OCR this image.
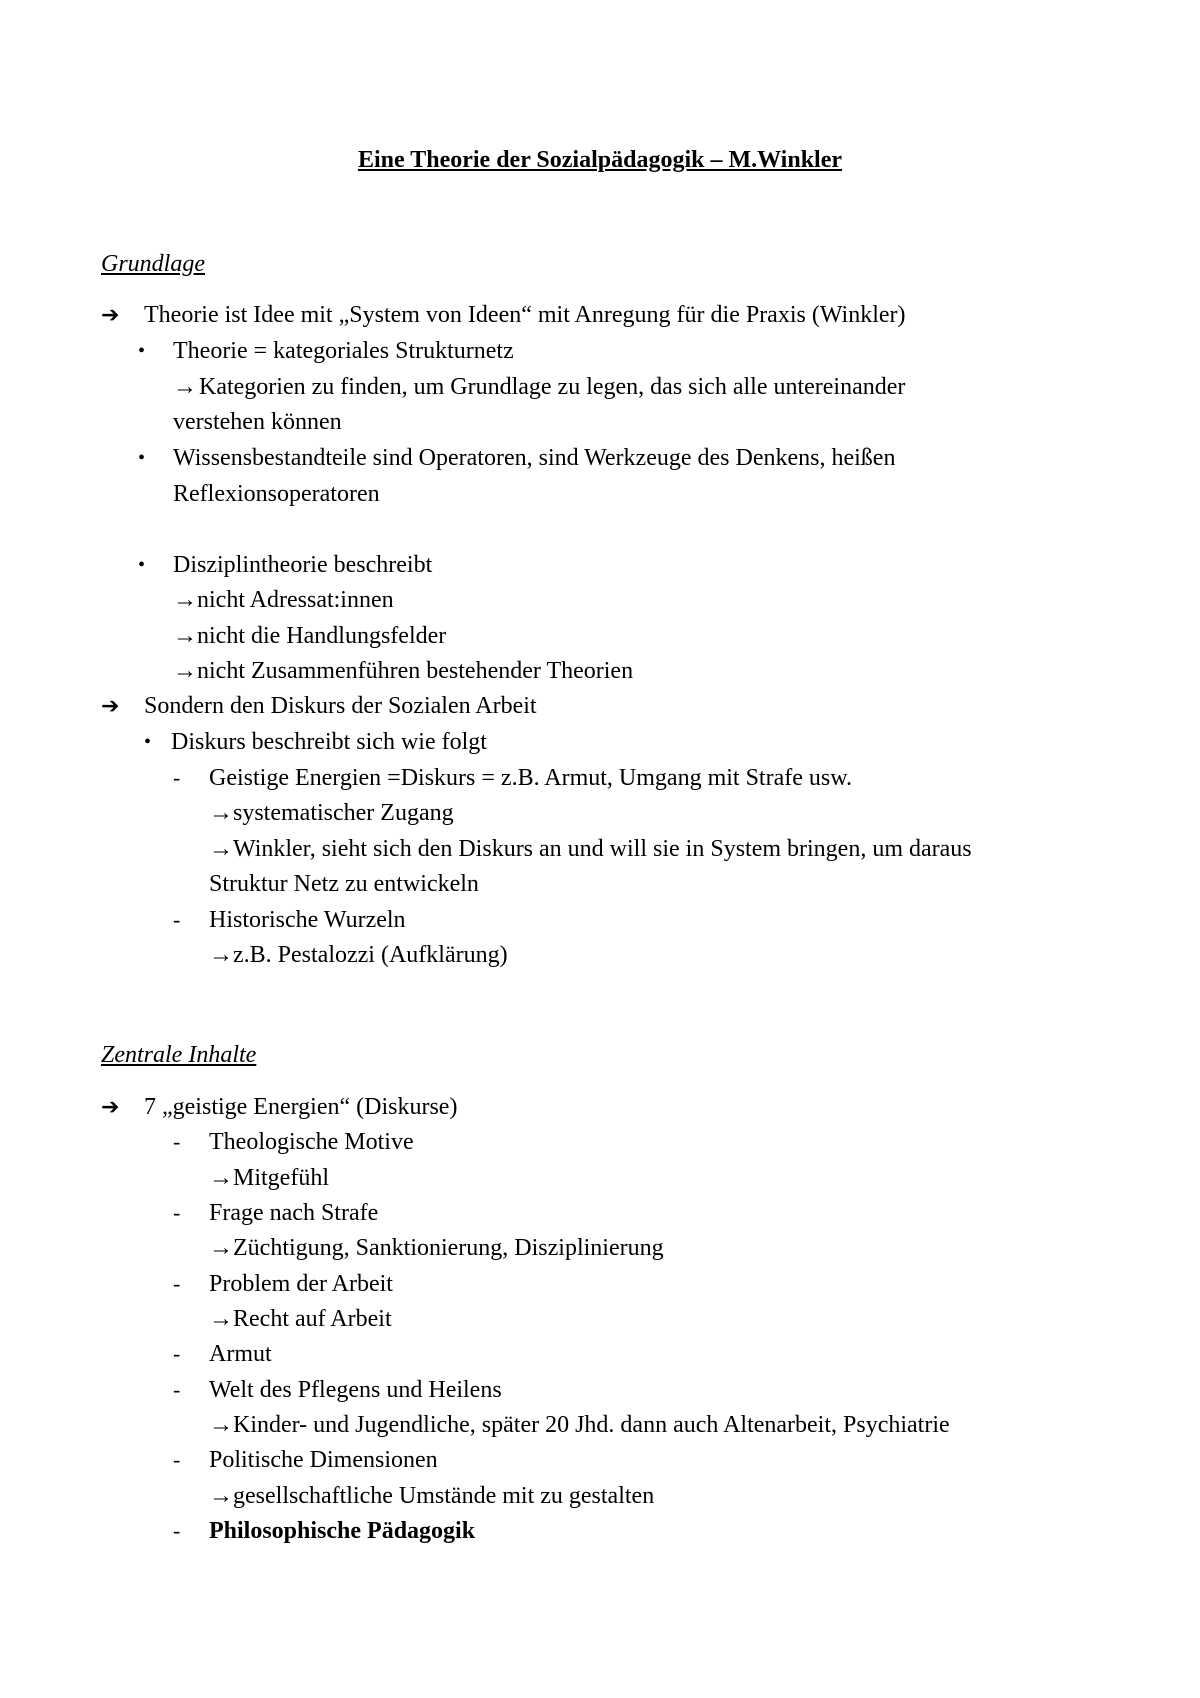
Eine Theorie der Sozialpädagogik – M.Winkler
Grundlage
➔ Theorie ist Idee mit „System von Ideen“ mit Anregung für die Praxis (Winkler)
• Theorie = kategoriales Strukturnetz
→Kategorien zu finden, um Grundlage zu legen, das sich alle untereinander
verstehen können
• Wissensbestandteile sind Operatoren, sind Werkzeuge des Denkens, heißen
Reflexionsoperatoren
• Disziplintheorie beschreibt
→nicht Adressat:innen
→nicht die Handlungsfelder
→nicht Zusammenführen bestehender Theorien
➔ Sondern den Diskurs der Sozialen Arbeit
• Diskurs beschreibt sich wie folgt
- Geistige Energien =Diskurs = z.B. Armut, Umgang mit Strafe usw.
→systematischer Zugang
→Winkler, sieht sich den Diskurs an und will sie in System bringen, um daraus
Struktur Netz zu entwickeln
- Historische Wurzeln
→z.B. Pestalozzi (Aufklärung)
Zentrale Inhalte
➔ 7 „geistige Energien“ (Diskurse)
- Theologische Motive
→Mitgefühl
- Frage nach Strafe
→Züchtigung, Sanktionierung, Disziplinierung
- Problem der Arbeit
→Recht auf Arbeit
- Armut
- Welt des Pflegens und Heilens
→Kinder- und Jugendliche, später 20 Jhd. dann auch Altenarbeit, Psychiatrie
- Politische Dimensionen
→gesellschaftliche Umstände mit zu gestalten
- Philosophische Pädagogik
